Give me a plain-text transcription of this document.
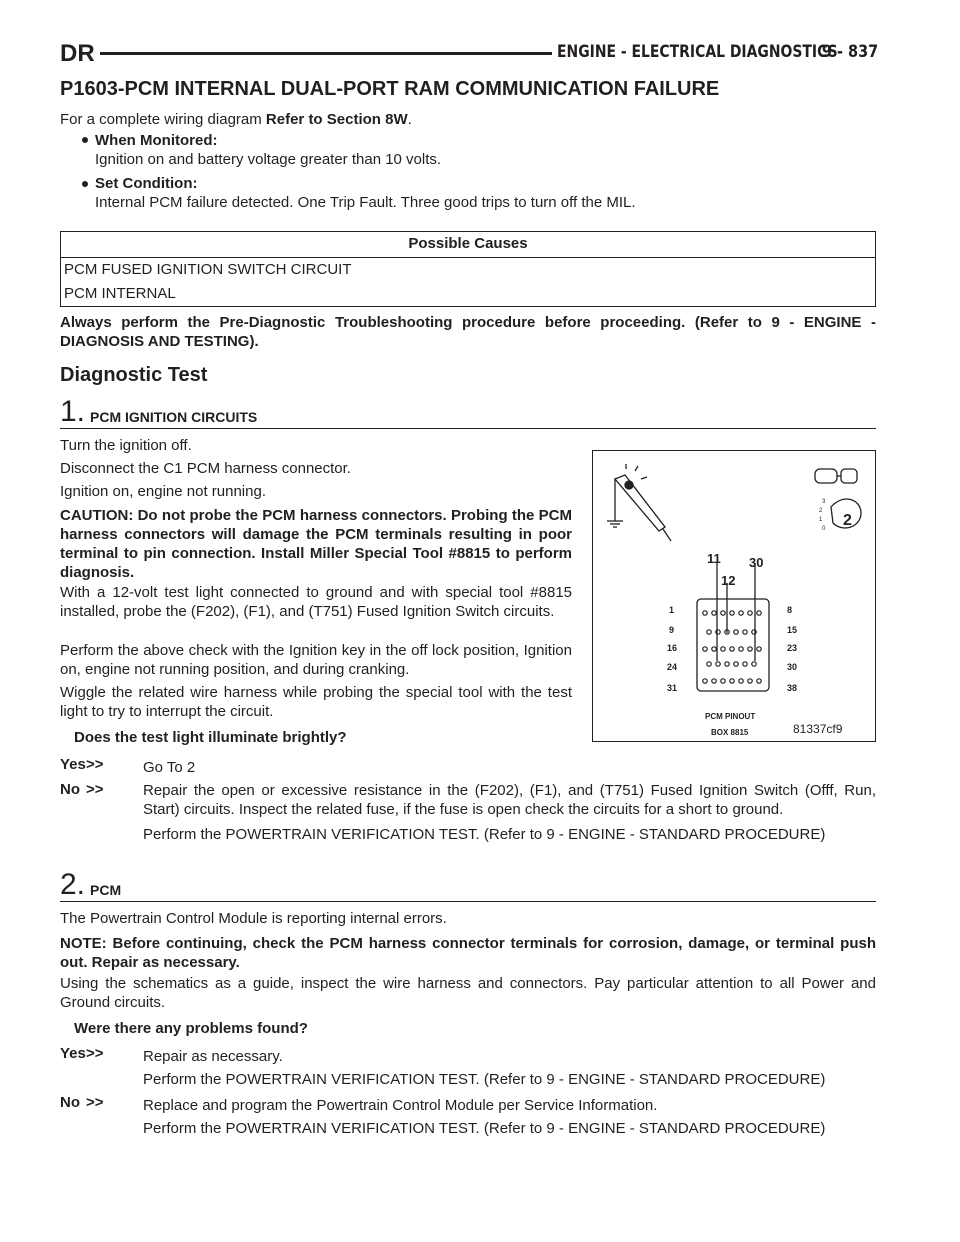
DR	ENGINE - ELECTRICAL DIAGNOSTICS
9 - 837
P1603-PCM INTERNAL DUAL-PORT RAM COMMUNICATION FAILURE
For a complete wiring diagram Refer to Section 8W.
When Monitored:
Ignition on and battery voltage greater than 10 volts.
Set Condition:
Internal PCM failure detected. One Trip Fault. Three good trips to turn off the MIL.
Possible Causes
PCM FUSED IGNITION SWITCH CIRCUIT
PCM INTERNAL
Always perform the Pre-Diagnostic Troubleshooting procedure before proceeding. (Refer to 9 - ENGINE - DIAGNOSIS AND TESTING).
Diagnostic Test
1. PCM IGNITION CIRCUITS
Turn the ignition off.
Disconnect the C1 PCM harness connector.
Ignition on, engine not running.
CAUTION: Do not probe the PCM harness connectors. Probing the PCM harness connectors will damage the PCM terminals resulting in poor terminal to pin connection. Install Miller Special Tool #8815 to perform diagnosis.
With a 12-volt test light connected to ground and with special tool #8815 installed, probe the (F202), (F1), and (T751) Fused Ignition Switch circuits.
Perform the above check with the Ignition key in the off lock position, Ignition on, engine not running position, and during cranking.
Wiggle the related wire harness while probing the special tool with the test light to try to interrupt the circuit.
Does the test light illuminate brightly?
Yes >>	Go To 2
No >>	Repair the open or excessive resistance in the (F202), (F1), and (T751) Fused Ignition Switch (Offf, Run, Start) circuits. Inspect the related fuse, if the fuse is open check the circuits for a short to ground.
Perform the POWERTRAIN VERIFICATION TEST. (Refer to 9 - ENGINE - STANDARD PROCEDURE)
11 30
12
1
9
16
24
31
8
15
23
30
38
PCM PINOUT
BOX 8815	81337cf9
3
2
1
0 2
2. PCM
The Powertrain Control Module is reporting internal errors.
NOTE: Before continuing, check the PCM harness connector terminals for corrosion, damage, or terminal push out. Repair as necessary.
Using the schematics as a guide, inspect the wire harness and connectors. Pay particular attention to all Power and Ground circuits.
Were there any problems found?
Yes >>	Repair as necessary.
Perform the POWERTRAIN VERIFICATION TEST. (Refer to 9 - ENGINE - STANDARD PROCEDURE)
No >>	Replace and program the Powertrain Control Module per Service Information.
Perform the POWERTRAIN VERIFICATION TEST. (Refer to 9 - ENGINE - STANDARD PROCEDURE)
